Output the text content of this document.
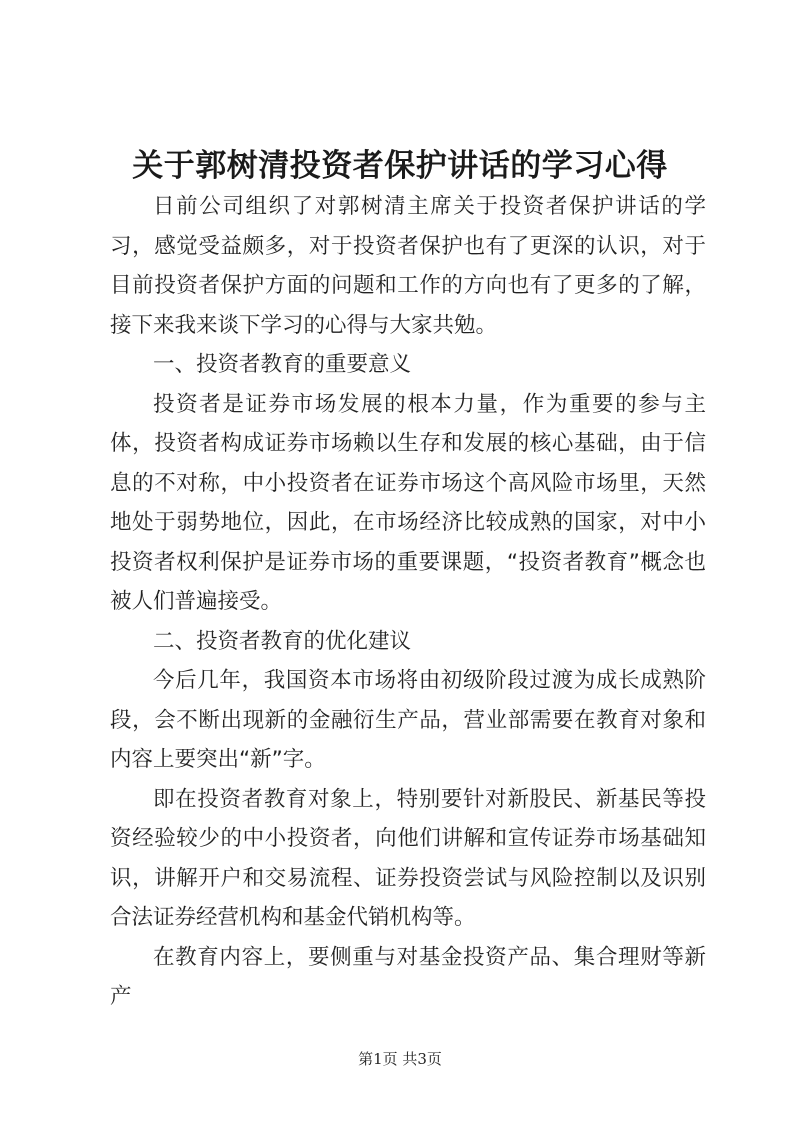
关于郭树清投资者保护讲话的学习心得

日前公司组织了对郭树清主席关于投资者保护讲话的学习，感觉受益颇多，对于投资者保护也有了更深的认识，对于目前投资者保护方面的问题和工作的方向也有了更多的了解，接下来我来谈下学习的心得与大家共勉。

一、投资者教育的重要意义

投资者是证券市场发展的根本力量，作为重要的参与主体，投资者构成证券市场赖以生存和发展的核心基础，由于信息的不对称，中小投资者在证券市场这个高风险市场里，天然地处于弱势地位，因此，在市场经济比较成熟的国家，对中小投资者权利保护是证券市场的重要课题，“投资者教育”概念也被人们普遍接受。

二、投资者教育的优化建议

今后几年，我国资本市场将由初级阶段过渡为成长成熟阶段，会不断出现新的金融衍生产品，营业部需要在教育对象和内容上要突出“新”字。

即在投资者教育对象上，特别要针对新股民、新基民等投资经验较少的中小投资者，向他们讲解和宣传证券市场基础知识，讲解开户和交易流程、证券投资尝试与风险控制以及识别合法证券经营机构和基金代销机构等。

在教育内容上，要侧重与对基金投资产品、集合理财等新产

第1页 共3页
